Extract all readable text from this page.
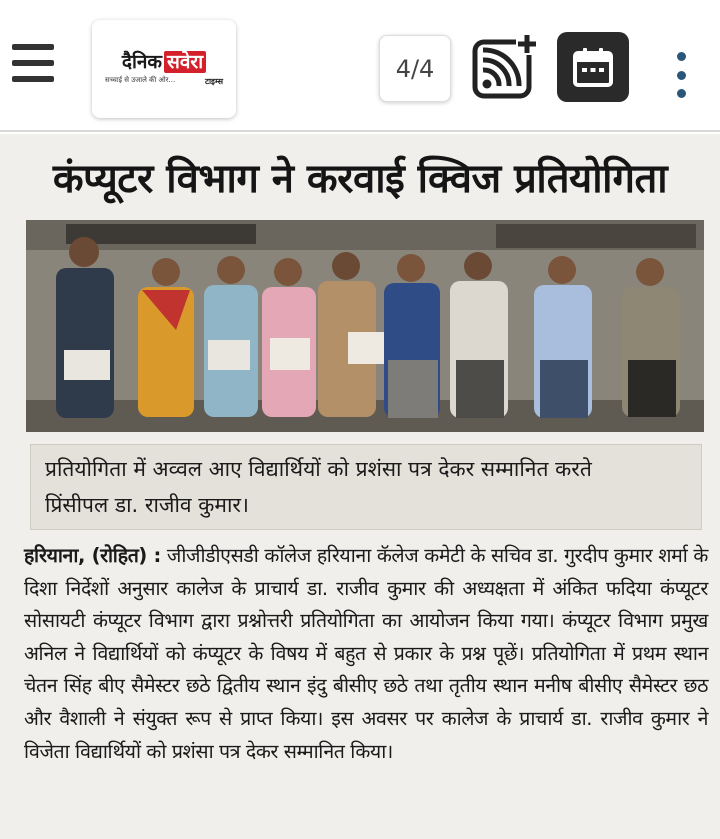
दैनिक सवेरा
सच्चाई से उजाले की ओर...	टाइम्स	4/4
कंप्यूटर विभाग ने करवाई क्विज प्रतियोगिता
प्रतियोगिता में अव्वल आए विद्यार्थियों को प्रशंसा पत्र देकर सम्मानित करते
प्रिंसीपल डा. राजीव कुमार।

हरियाना, (रोहित) : जीजीडीएसडी कॉलेज हरियाना कॅलेज कमेटी के सचिव डा. गुरदीप कुमार शर्मा के दिशा निर्देशों अनुसार कालेज के प्राचार्य डा. राजीव कुमार की अध्यक्षता में अंकित फदिया कंप्यूटर सोसायटी कंप्यूटर विभाग द्वारा प्रश्नोत्तरी प्रतियोगिता का आयोजन किया गया। कंप्यूटर विभाग प्रमुख अनिल ने विद्यार्थियों को कंप्यूटर के विषय में बहुत से प्रकार के प्रश्न पूछें। प्रतियोगिता में प्रथम स्थान चेतन सिंह बीए सैमेस्टर छठे द्वितीय स्थान इंदु बीसीए छठे तथा तृतीय स्थान मनीष बीसीए सैमेस्टर छठ और वैशाली ने संयुक्त रूप से प्राप्त किया। इस अवसर पर कालेज के प्राचार्य डा. राजीव कुमार ने विजेता विद्यार्थियों को प्रशंसा पत्र देकर सम्मानित किया।
